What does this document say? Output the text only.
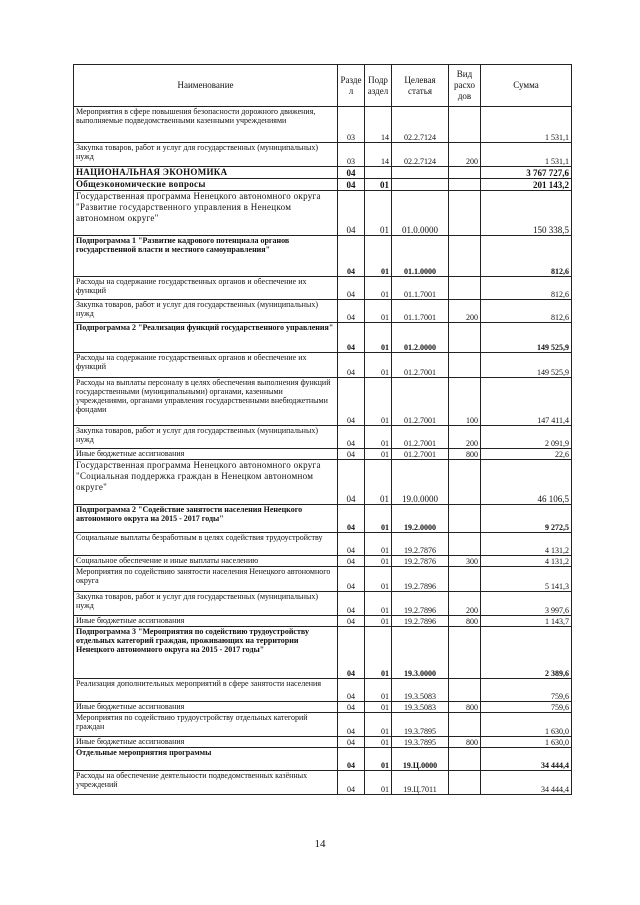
Наименование	Разде л	Подр аздел	Целевая статья	Вид расхо дов	Сумма
Мероприятия в сфере повышения безопасности дорожного движения, выполняемые подведомственными казенными учреждениями	03	14	02.2.7124		1 531,1
Закупка товаров, работ и услуг для государственных (муниципальных) нужд	03	14	02.2.7124	200	1 531,1
НАЦИОНАЛЬНАЯ ЭКОНОМИКА	04				3 767 727,6
Общеэкономические вопросы	04	01			201 143,2
Государственная программа Ненецкого автономного округа "Развитие государственного управления в Ненецком автономном округе"	04	01	01.0.0000		150 338,5
Подпрограмма 1 "Развитие кадрового потенциала органов государственной власти и местного самоуправления"	04	01	01.1.0000		812,6
Расходы на содержание государственных органов и обеспечение их функций	04	01	01.1.7001		812,6
Закупка товаров, работ и услуг для государственных (муниципальных) нужд	04	01	01.1.7001	200	812,6
Подпрограмма 2 "Реализация функций государственного управления"	04	01	01.2.0000		149 525,9
Расходы на содержание государственных органов и обеспечение их функций	04	01	01.2.7001		149 525,9
Расходы на выплаты персоналу в целях обеспечения выполнения функций государственными (муниципальными) органами, казенными учреждениями, органами управления государственными внебюджетными фондами	04	01	01.2.7001	100	147 411,4
Закупка товаров, работ и услуг для государственных (муниципальных) нужд	04	01	01.2.7001	200	2 091,9
Иные бюджетные ассигнования	04	01	01.2.7001	800	22,6
Государственная программа Ненецкого автономного округа "Социальная поддержка граждан в Ненецком автономном округе"	04	01	19.0.0000		46 106,5
Подпрограмма 2 "Содействие занятости населения Ненецкого автономного округа на 2015 - 2017 годы"	04	01	19.2.0000		9 272,5
Социальные выплаты безработным в целях содействия трудоустройству	04	01	19.2.7876		4 131,2
Социальное обеспечение и иные выплаты населению	04	01	19.2.7876	300	4 131,2
Мероприятия по содействию занятости населения Ненецкого автономного округа	04	01	19.2.7896		5 141,3
Закупка товаров, работ и услуг для государственных (муниципальных) нужд	04	01	19.2.7896	200	3 997,6
Иные бюджетные ассигнования	04	01	19.2.7896	800	1 143,7
Подпрограмма 3 "Мероприятия по содействию трудоустройству отдельных категорий граждан, проживающих на территории Ненецкого автономного округа на 2015 - 2017 годы"	04	01	19.3.0000		2 389,6
Реализация дополнительных мероприятий в сфере занятости населения	04	01	19.3.5083		759,6
Иные бюджетные ассигнования	04	01	19.3.5083	800	759,6
Мероприятия по содействию трудоустройству отдельных категорий граждан	04	01	19.3.7895		1 630,0
Иные бюджетные ассигнования	04	01	19.3.7895	800	1 630,0
Отдельные мероприятия программы	04	01	19.Ц.0000		34 444,4
Расходы на обеспечение деятельности подведомственных казённых учреждений	04	01	19.Ц.7011		34 444,4
14
